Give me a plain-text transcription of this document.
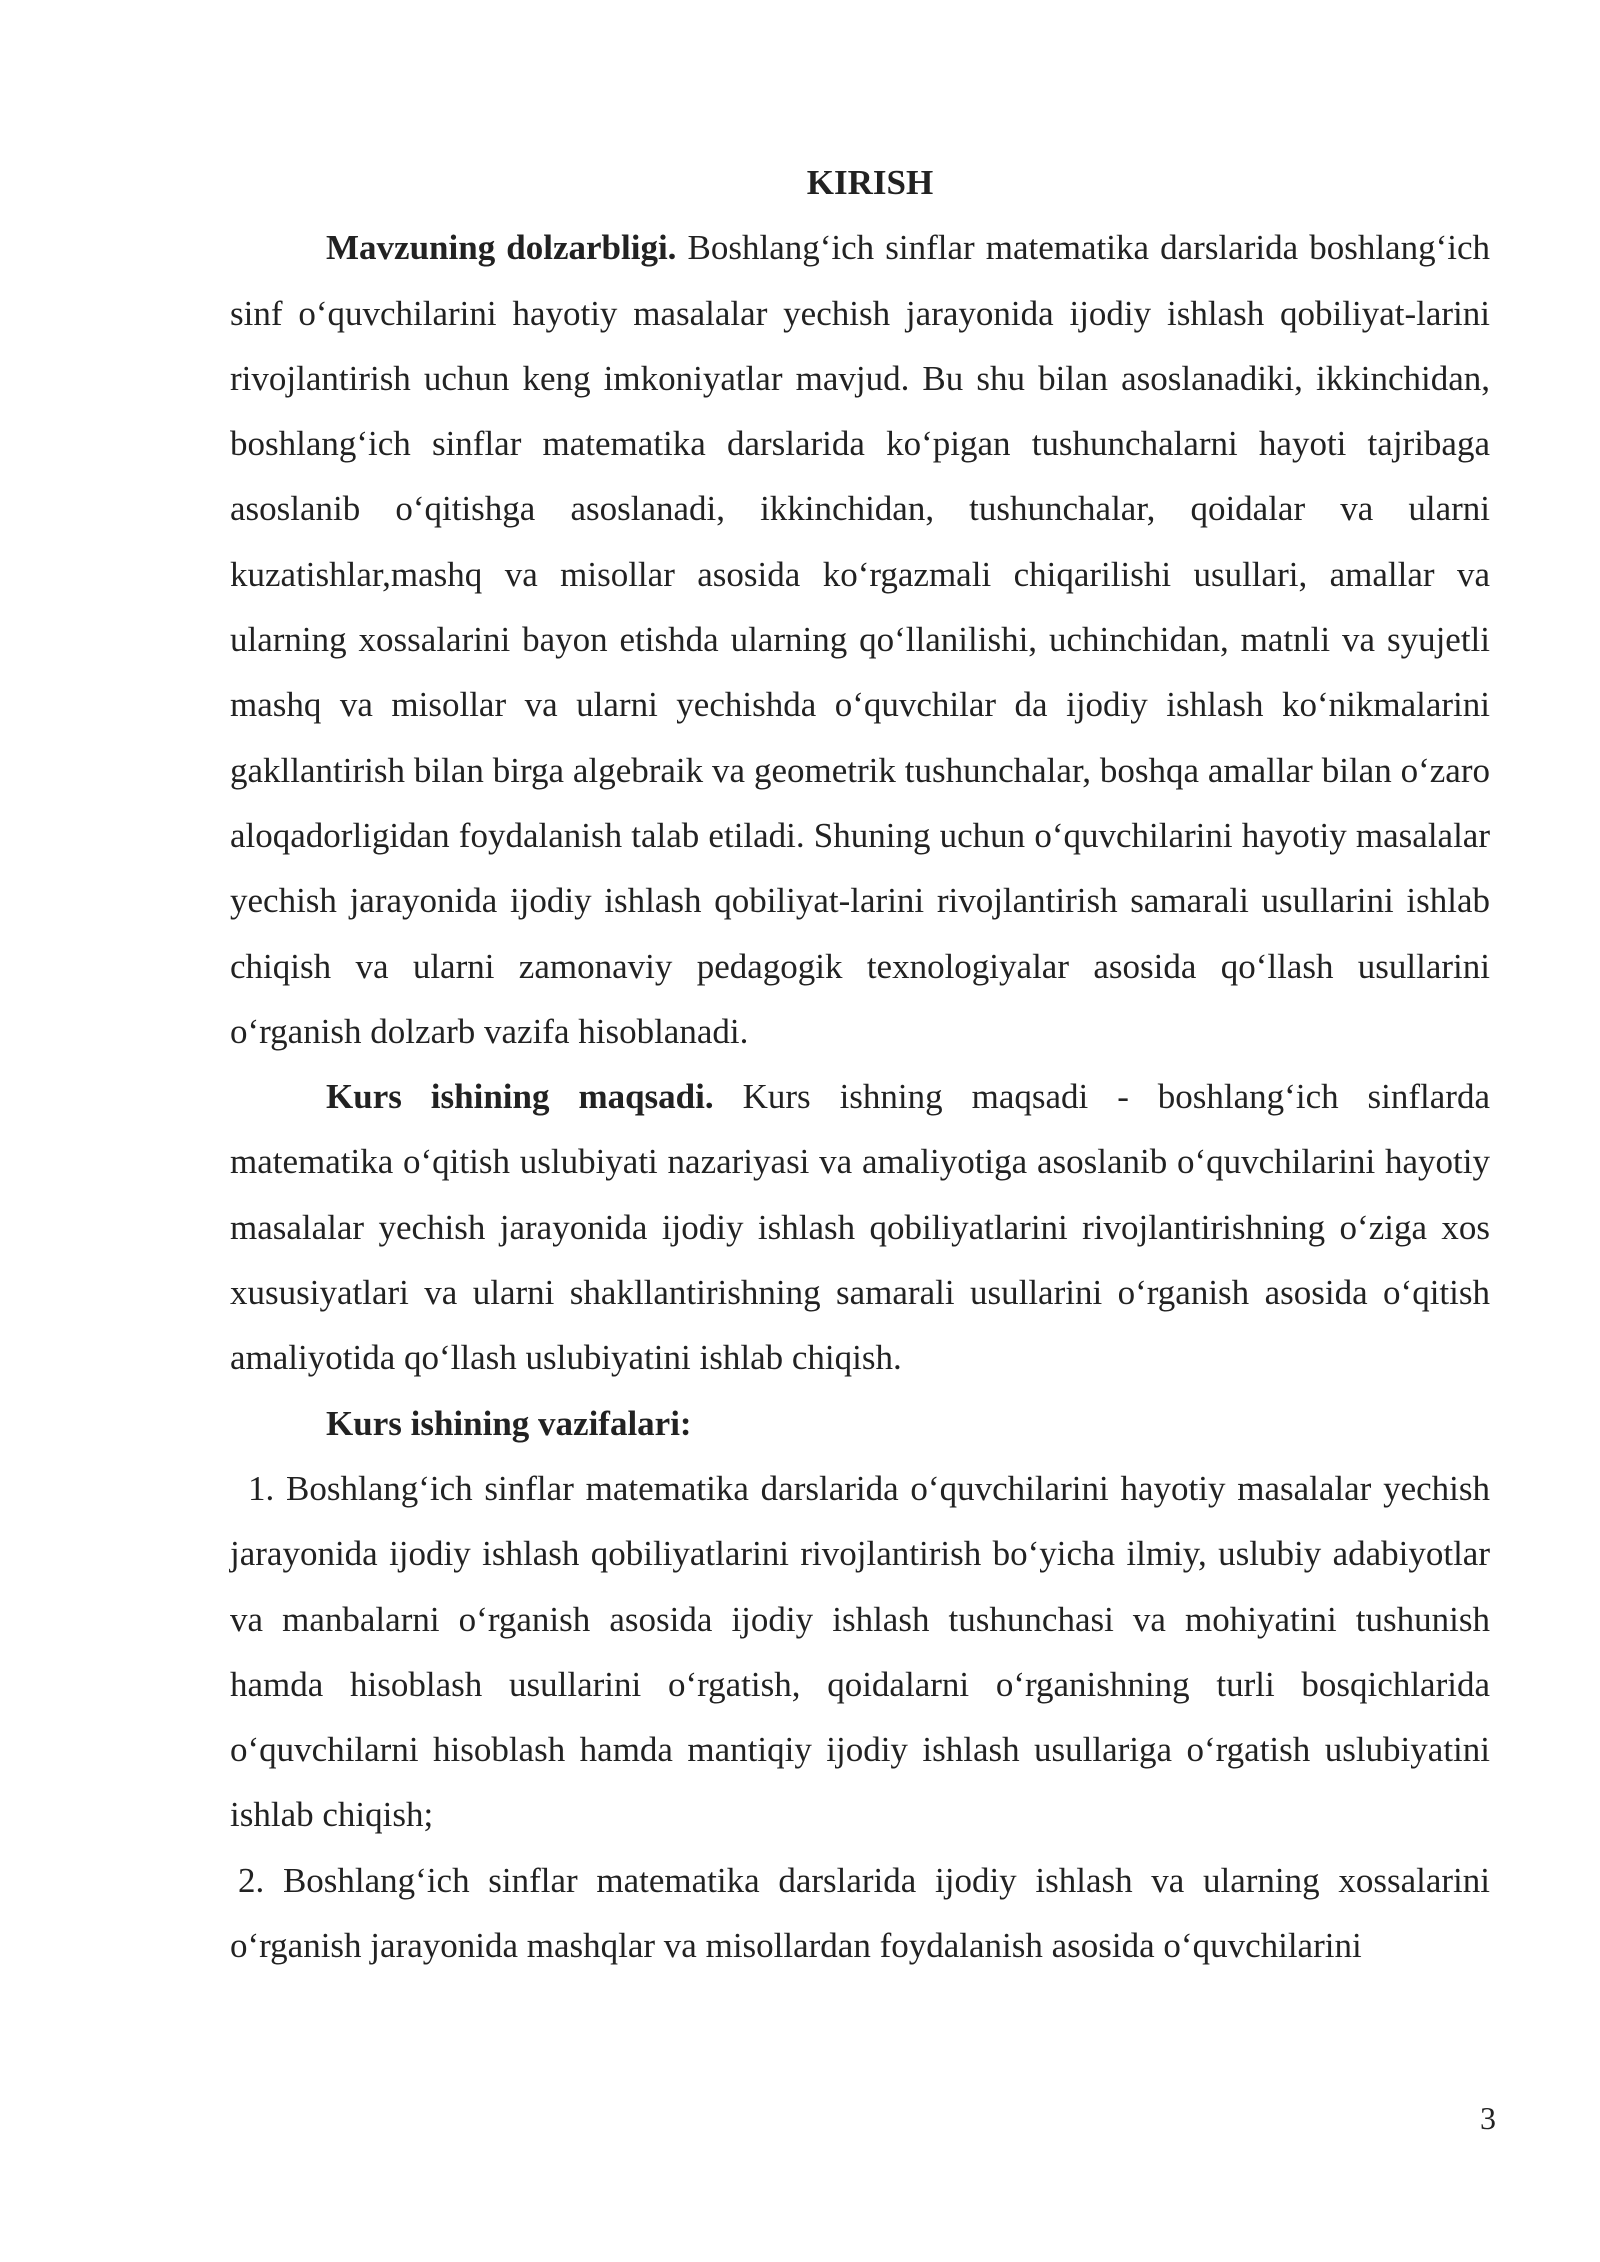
KIRISH

Mavzuning dolzarbligi. Boshlang‘ich sinflar matematika darslarida boshlang‘ich sinf o‘quvchilarini hayotiy masalalar yechish jarayonida ijodiy ishlash qobiliyat-larini rivojlantirish uchun keng imkoniyatlar mavjud. Bu shu bilan asoslanadiki, ikkinchidan, boshlang‘ich sinflar matematika darslarida ko‘pigan tushunchalarni hayoti tajribaga asoslanib o‘qitishga asoslanadi, ikkinchidan, tushunchalar, qoidalar va ularni kuzatishlar,mashq va misollar asosida ko‘rgazmali chiqarilishi usullari, amallar va ularning xossalarini bayon etishda ularning qo‘llanilishi, uchinchidan, matnli va syujetli mashq va misollar va ularni yechishda o‘quvchilar da ijodiy ishlash ko‘nikmalarini gakllantirish bilan birga algebraik va geometrik tushunchalar, boshqa amallar bilan o‘zaro aloqadorligidan foydalanish talab etiladi. Shuning uchun o‘quvchilarini hayotiy masalalar yechish jarayonida ijodiy ishlash qobiliyat-larini rivojlantirish samarali usullarini ishlab chiqish va ularni zamonaviy pedagogik texnologiyalar asosida qo‘llash usullarini o‘rganish dolzarb vazifa hisoblanadi.

Kurs ishining maqsadi. Kurs ishning maqsadi - boshlang‘ich sinflarda matematika o‘qitish uslubiyati nazariyasi va amaliyotiga asoslanib o‘quvchilarini hayotiy masalalar yechish jarayonida ijodiy ishlash qobiliyatlarini rivojlantirishning o‘ziga xos xususiyatlari va ularni shakllantirishning samarali usullarini o‘rganish asosida o‘qitish amaliyotida qo‘llash uslubiyatini ishlab chiqish.

Kurs ishining vazifalari:

1. Boshlang‘ich sinflar matematika darslarida o‘quvchilarini hayotiy masalalar yechish jarayonida ijodiy ishlash qobiliyatlarini rivojlantirish bo‘yicha ilmiy, uslubiy adabiyotlar va manbalarni o‘rganish asosida ijodiy ishlash tushunchasi va mohiyatini tushunish hamda hisoblash usullarini o‘rgatish, qoidalarni o‘rganishning turli bosqichlarida o‘quvchilarni hisoblash hamda mantiqiy ijodiy ishlash usullariga o‘rgatish uslubiyatini ishlab chiqish;

2. Boshlang‘ich sinflar matematika darslarida ijodiy ishlash va ularning xossalarini o‘rganish jarayonida mashqlar va misollardan foydalanish asosida o‘quvchilarini

3
